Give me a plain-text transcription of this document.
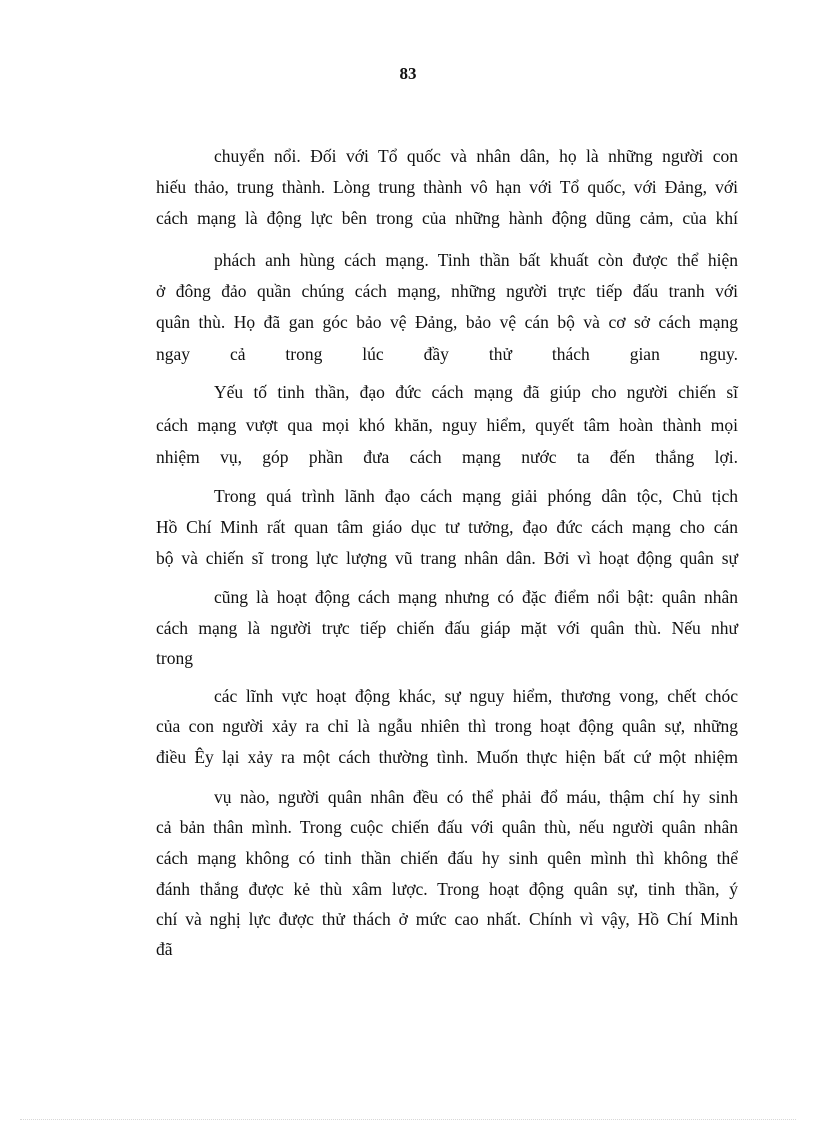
83
chuyển nổi. Đối với Tổ quốc và nhân dân, họ là những người con
hiếu thảo, trung thành. Lòng trung thành vô hạn với Tổ quốc, với Đảng, với
cách mạng là động lực bên trong của những hành động dũng cảm, của khí
phách anh hùng cách mạng. Tinh thần bất khuất còn được thể hiện
ở đông đảo quần chúng cách mạng, những người trực tiếp đấu tranh với
quân thù. Họ đã gan góc bảo vệ Đảng, bảo vệ cán bộ và cơ sở cách mạng
ngay cả trong lúc đầy thử thách gian nguy.
Yếu tố tinh thần, đạo đức cách mạng đã giúp cho người chiến sĩ
cách mạng vượt qua mọi khó khăn, nguy hiểm, quyết tâm hoàn thành mọi
nhiệm vụ, góp phần đưa cách mạng nước ta đến thắng lợi.
Trong quá trình lãnh đạo cách mạng giải phóng dân tộc, Chủ tịch
Hồ Chí Minh rất quan tâm giáo dục tư tưởng, đạo đức cách mạng cho cán
bộ và chiến sĩ trong lực lượng vũ trang nhân dân. Bởi vì hoạt động quân sự
cũng là hoạt động cách mạng nhưng có đặc điểm nổi bật: quân nhân
cách mạng là người trực tiếp chiến đấu giáp mặt với quân thù. Nếu như
trong
các lĩnh vực hoạt động khác, sự nguy hiểm, thương vong, chết chóc
của con người xảy ra chỉ là ngẫu nhiên thì trong hoạt động quân sự, những
điều Êy lại xảy ra một cách thường tình. Muốn thực hiện bất cứ một nhiệm
vụ nào, người quân nhân đều có thể phải đổ máu, thậm chí hy sinh
cả bản thân mình. Trong cuộc chiến đấu với quân thù, nếu người quân nhân
cách mạng không có tinh thần chiến đấu hy sinh quên mình thì không thể
đánh thắng được kẻ thù xâm lược. Trong hoạt động quân sự, tinh thần, ý
chí và nghị lực được thử thách ở mức cao nhất. Chính vì vậy, Hồ Chí Minh
đã
